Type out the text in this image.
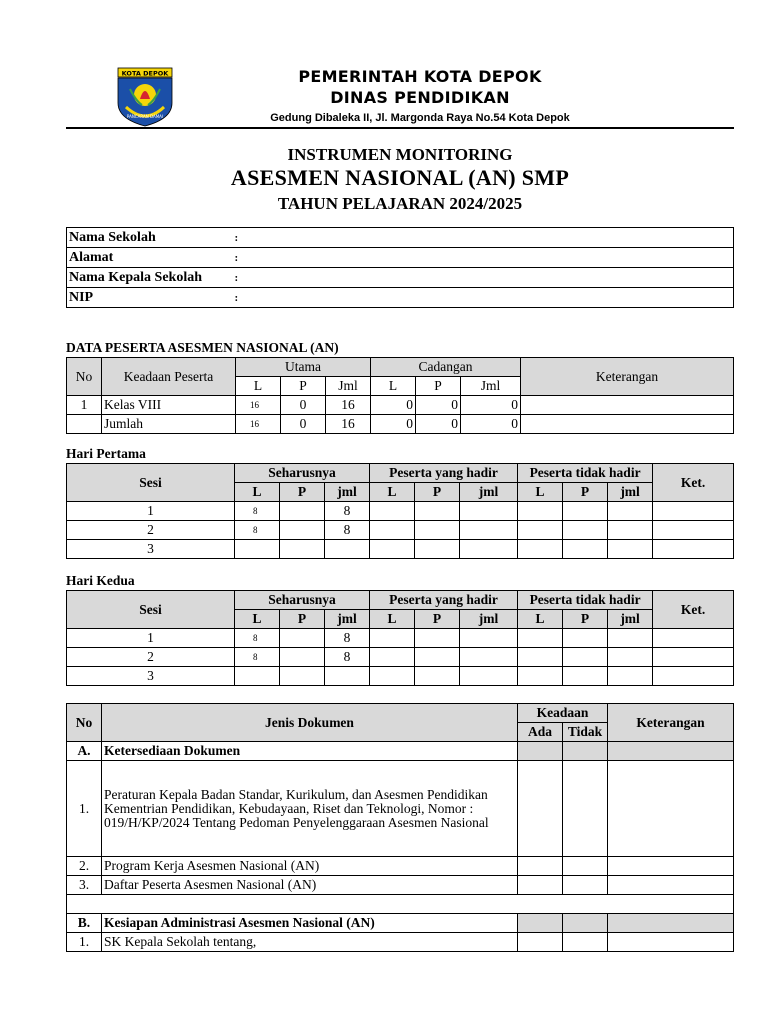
KOTA DEPOK
PANCARAN DAMAI
PEMERINTAH KOTA DEPOK
DINAS PENDIDIKAN
Gedung Dibaleka II, Jl. Margonda Raya No.54 Kota Depok
INSTRUMEN MONITORING
ASESMEN NASIONAL (AN) SMP
TAHUN PELAJARAN 2024/2025
Nama Sekolah	:	
Alamat	:	
Nama Kepala Sekolah	:	
NIP	:	
DATA PESERTA ASESMEN NASIONAL (AN)
No	Keadaan Peserta	Utama			Cadangan			Keterangan
		L	P	Jml	L	P	Jml	
1	Kelas VIII	16	0	16	0	0	0	
	Jumlah	16	0	16	0	0	0	
Hari Pertama
Sesi	Seharusnya			Peserta yang hadir			Peserta tidak hadir			Ket.
	L	P	jml	L	P	jml	L	P	jml	
1	8		8							
2	8		8							
3										
Hari Kedua
Sesi	Seharusnya			Peserta yang hadir			Peserta tidak hadir			Ket.
	L	P	jml	L	P	jml	L	P	jml	
1	8		8							
2	8		8							
3										
No	Jenis Dokumen	Keadaan		Keterangan
		Ada	Tidak	
A.	Ketersediaan Dokumen			
1.	Peraturan Kepala Badan Standar, Kurikulum, dan Asesmen Pendidikan Kementrian Pendidikan, Kebudayaan, Riset dan Teknologi, Nomor : 019/H/KP/2024 Tentang Pedoman Penyelenggaraan Asesmen Nasional			
2.	Program Kerja Asesmen Nasional (AN)			
3.	Daftar Peserta Asesmen Nasional (AN)			

B.	Kesiapan Administrasi Asesmen Nasional (AN)			
1.	SK Kepala Sekolah tentang,			
